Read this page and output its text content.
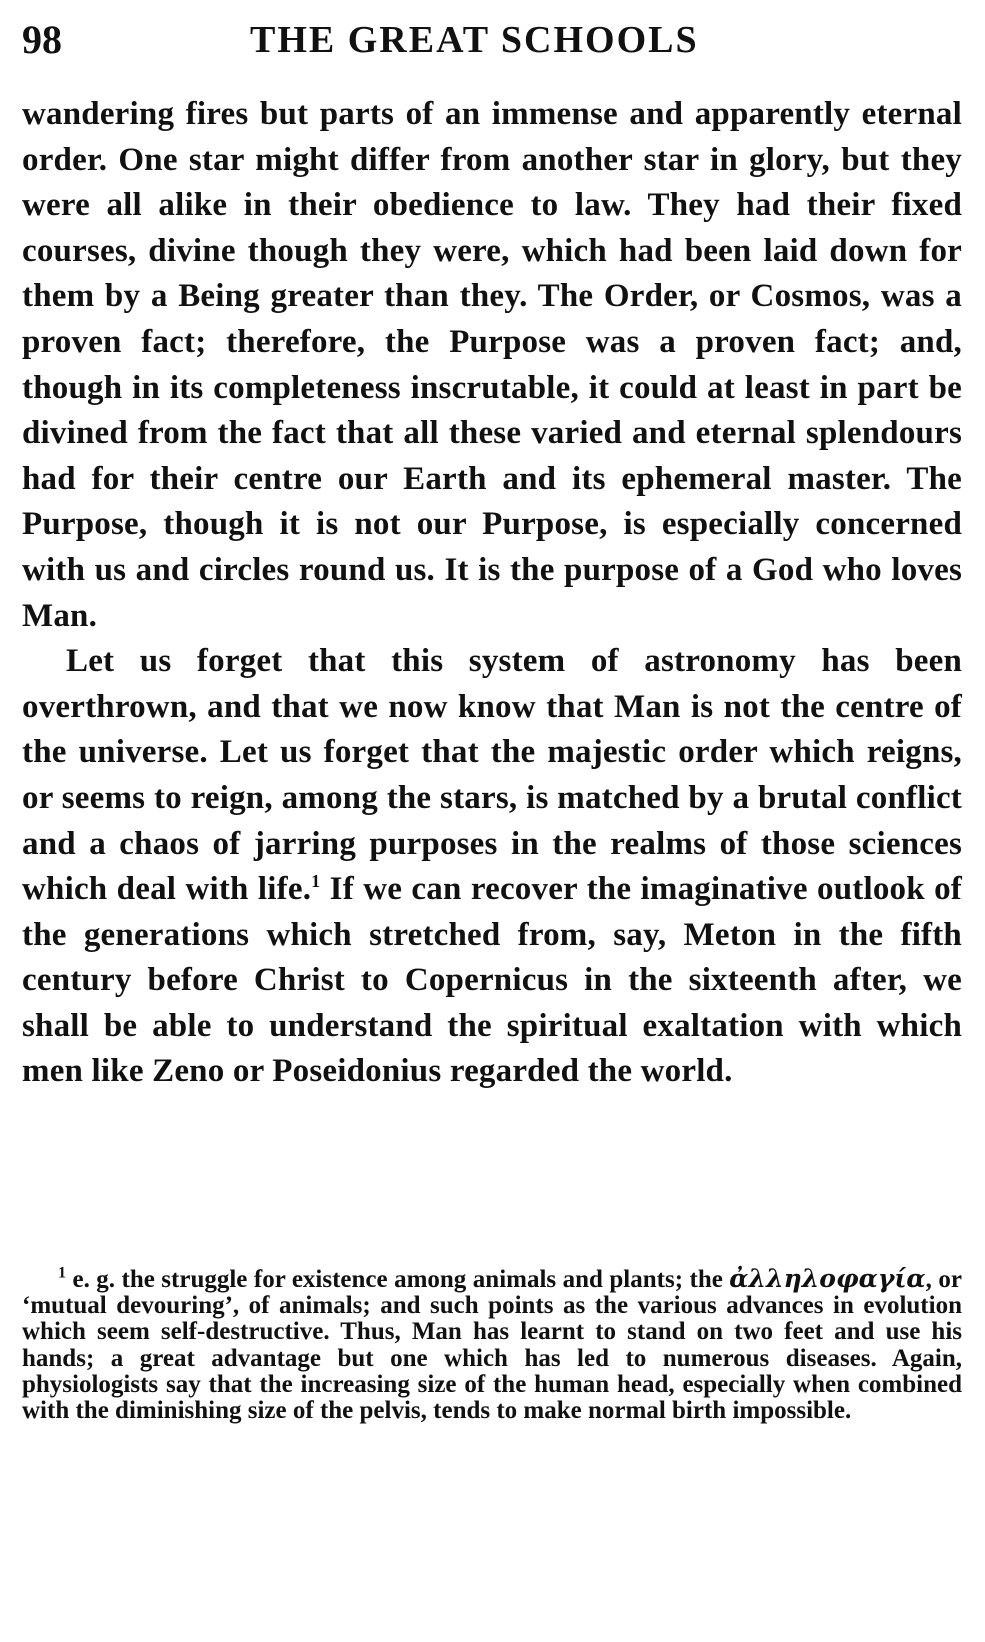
98	THE GREAT SCHOOLS

wandering fires but parts of an immense and apparently eternal order. One star might differ from another star in glory, but they were all alike in their obedience to law. They had their fixed courses, divine though they were, which had been laid down for them by a Being greater than they. The Order, or Cosmos, was a proven fact; therefore, the Purpose was a proven fact; and, though in its completeness inscrutable, it could at least in part be divined from the fact that all these varied and eternal splendours had for their centre our Earth and its ephemeral master. The Purpose, though it is not our Purpose, is especially concerned with us and circles round us. It is the purpose of a God who loves Man.

Let us forget that this system of astronomy has been overthrown, and that we now know that Man is not the centre of the universe. Let us forget that the majestic order which reigns, or seems to reign, among the stars, is matched by a brutal conflict and a chaos of jarring purposes in the realms of those sciences which deal with life.$^1$ If we can recover the imaginative outlook of the generations which stretched from, say, Meton in the fifth century before Christ to Copernicus in the sixteenth after, we shall be able to understand the spiritual exaltation with which men like Zeno or Poseidonius regarded the world.

$^1$ e. g. the struggle for existence among animals and plants; the ἀλληλοφαγία, or ‘mutual devouring’, of animals; and such points as the various advances in evolution which seem self-destructive. Thus, Man has learnt to stand on two feet and use his hands; a great advantage but one which has led to numerous diseases. Again, physiologists say that the increasing size of the human head, especially when combined with the diminishing size of the pelvis, tends to make normal birth impossible.
